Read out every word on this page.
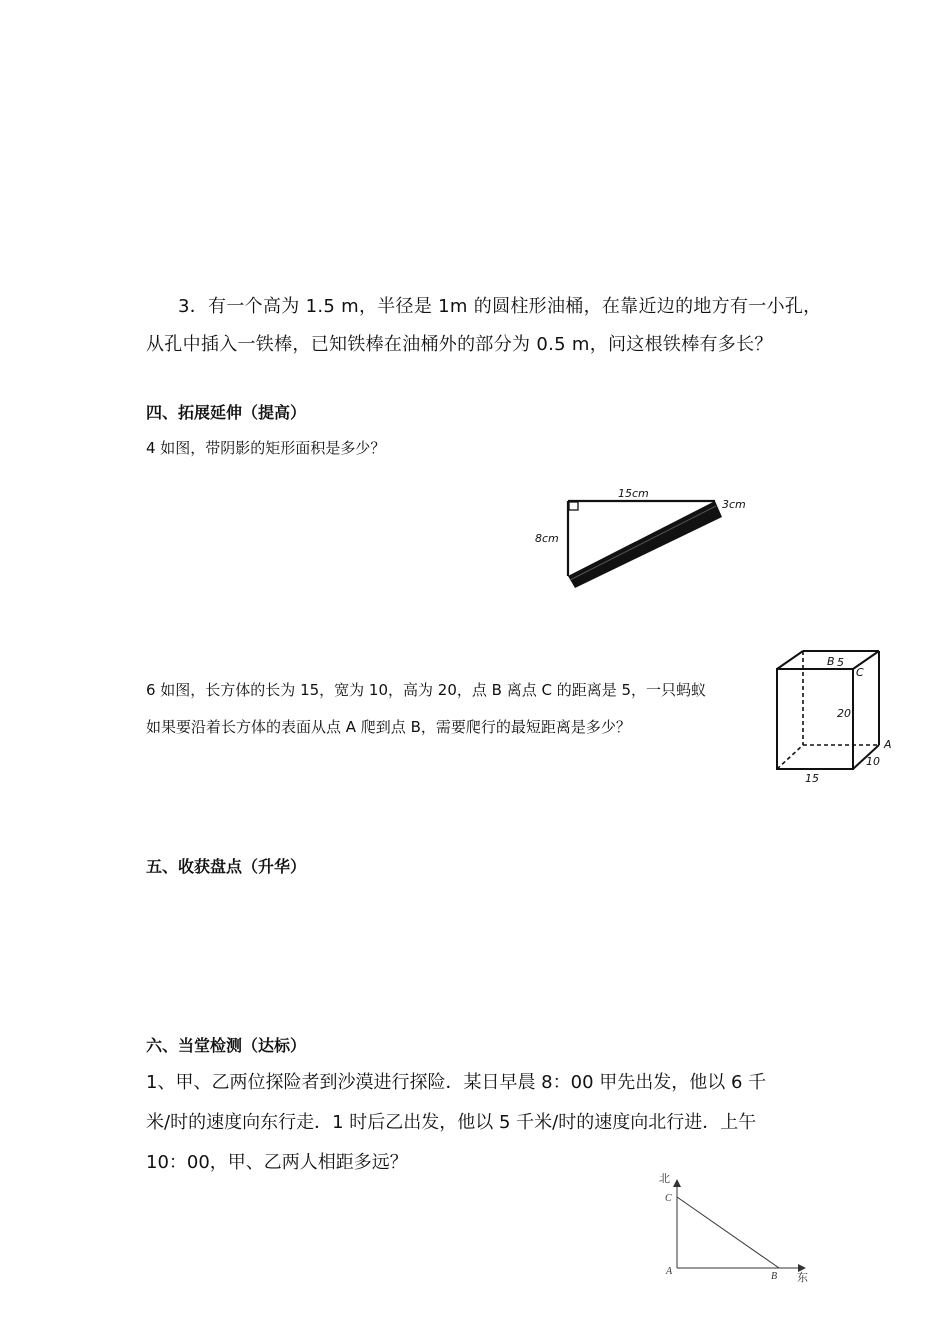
3．有一个高为 1.5 m，半径是 1m 的圆柱形油桶，在靠近边的地方有一小孔，
从孔中插入一铁棒，已知铁棒在油桶外的部分为 0.5 m，问这根铁棒有多长？
四、拓展延伸（提高）
4 如图，带阴影的矩形面积是多少？
15cm
3cm
8cm
6 如图，长方体的长为 15，宽为 10，高为 20，点 B 离点 C 的距离是 5，一只蚂蚁
如果要沿着长方体的表面从点 A 爬到点 B，需要爬行的最短距离是多少？
B 5
C
20
A
15
10
五、收获盘点（升华）
六、当堂检测（达标）
1、甲、乙两位探险者到沙漠进行探险．某日早晨 8：00 甲先出发，他以 6 千
米/时的速度向东行走．1 时后乙出发，他以 5 千米/时的速度向北行进．上午
10：00，甲、乙两人相距多远？
北
东
C
A	B
